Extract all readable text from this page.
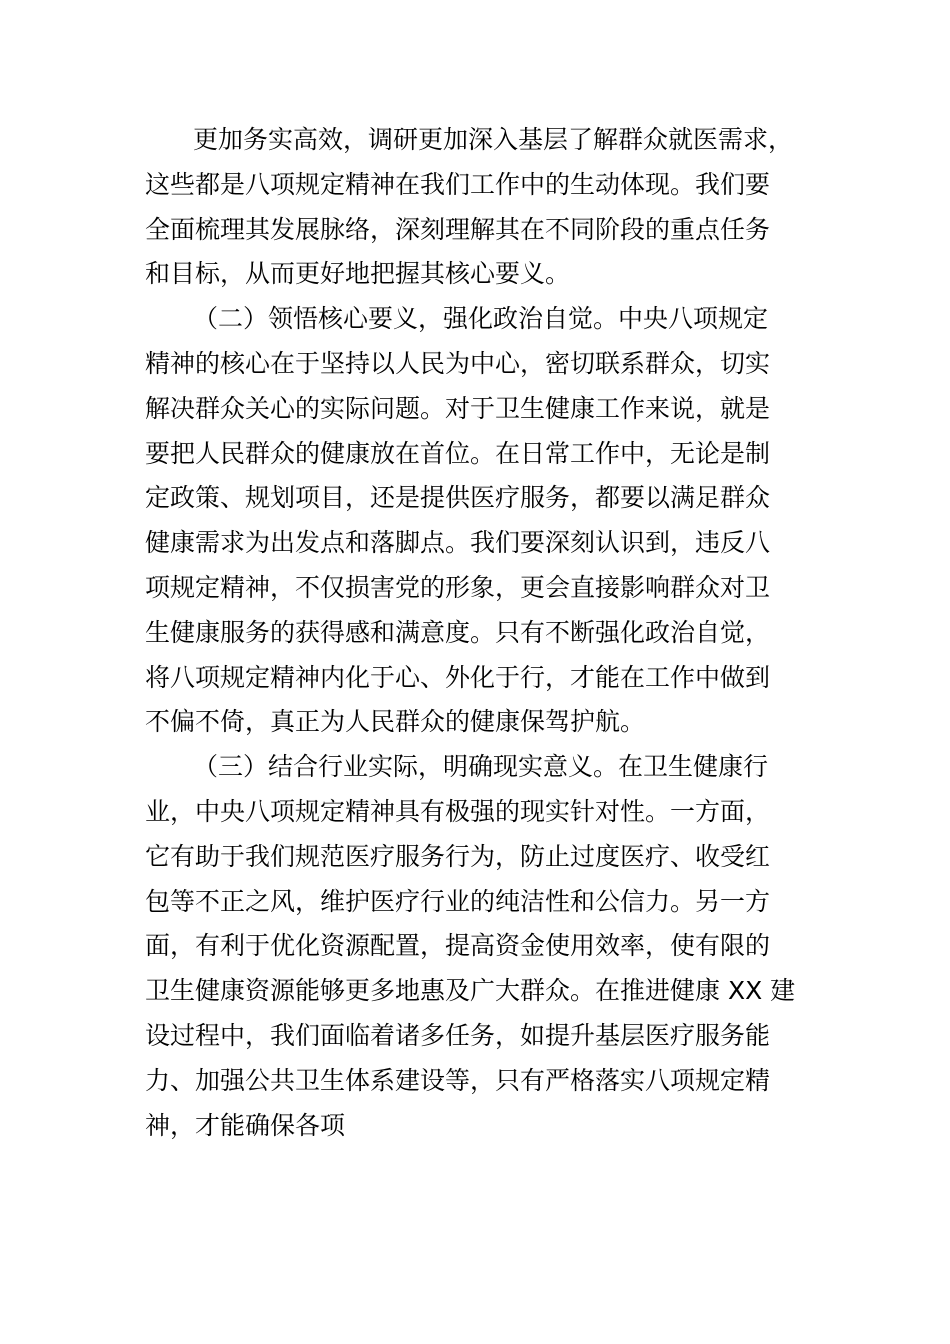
更加务实高效，调研更加深入基层了解群众就医需求，
这些都是八项规定精神在我们工作中的生动体现。我们要
全面梳理其发展脉络，深刻理解其在不同阶段的重点任务
和目标，从而更好地把握其核心要义。
（二）领悟核心要义，强化政治自觉。中央八项规定
精神的核心在于坚持以人民为中心，密切联系群众，切实
解决群众关心的实际问题。对于卫生健康工作来说，就是
要把人民群众的健康放在首位。在日常工作中，无论是制
定政策、规划项目，还是提供医疗服务，都要以满足群众
健康需求为出发点和落脚点。我们要深刻认识到，违反八
项规定精神，不仅损害党的形象，更会直接影响群众对卫
生健康服务的获得感和满意度。只有不断强化政治自觉，
将八项规定精神内化于心、外化于行，才能在工作中做到
不偏不倚，真正为人民群众的健康保驾护航。
（三）结合行业实际，明确现实意义。在卫生健康行
业，中央八项规定精神具有极强的现实针对性。一方面，
它有助于我们规范医疗服务行为，防止过度医疗、收受红
包等不正之风，维护医疗行业的纯洁性和公信力。另一方
面，有利于优化资源配置，提高资金使用效率，使有限的
卫生健康资源能够更多地惠及广大群众。在推进健康 XX 建
设过程中，我们面临着诸多任务，如提升基层医疗服务能
力、加强公共卫生体系建设等，只有严格落实八项规定精
神，才能确保各项
